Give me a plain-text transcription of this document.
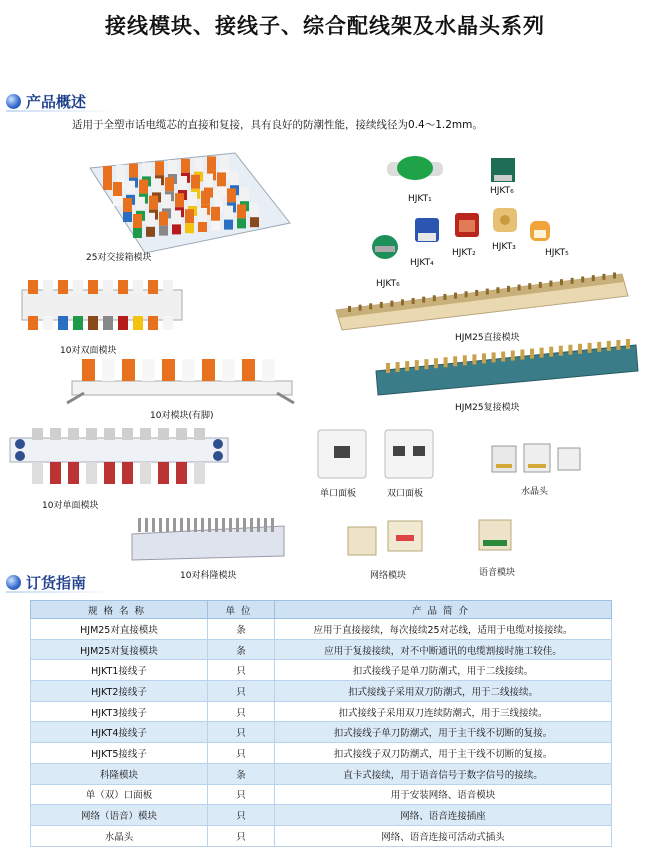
接线模块、接线子、综合配线架及水晶头系列
产品概述
适用于全塑市话电缆芯的直接和复接，具有良好的防潮性能，接续线径为0.4～1.2mm。
25对交接箱模块
10对双面模块
10对模块(有脚)
10对单面模块
10对科隆模块
HJKT₁
HJKT₆
HJKT₂
HJKT₃
HJKT₅
HJKT₄
HJKT₆
HJM25直接模块
HJM25复接模块
单口面板	双口面板	水晶头
网络模块	语音模块
订货指南
规格名称	单位	产品简介
HJM25对直接模块	条	应用于直接接续，每次接续25对芯线，适用于电缆对接接续。
HJM25对复接模块	条	应用于复接接续，对不中断通讯的电缆割接时施工较佳。
HJKT1接线子	只	扣式接线子是单刀防潮式，用于二线接续。
HJKT2接线子	只	扣式接线子采用双刀防潮式，用于二线接续。
HJKT3接线子	只	扣式接线子采用双刀连续防潮式，用于三线接续。
HJKT4接线子	只	扣式接线子单刀防潮式，用于主干线不切断的复接。
HJKT5接线子	只	扣式接线子双刀防潮式，用于主干线不切断的复接。
科隆模块	条	直卡式接续，用于语音信号于数字信号的接续。
单（双）口面板	只	用于安装网络、语音模块
网络（语音）模块	只	网络、语音连接插座
水晶头	只	网络、语音连接可活动式插头
